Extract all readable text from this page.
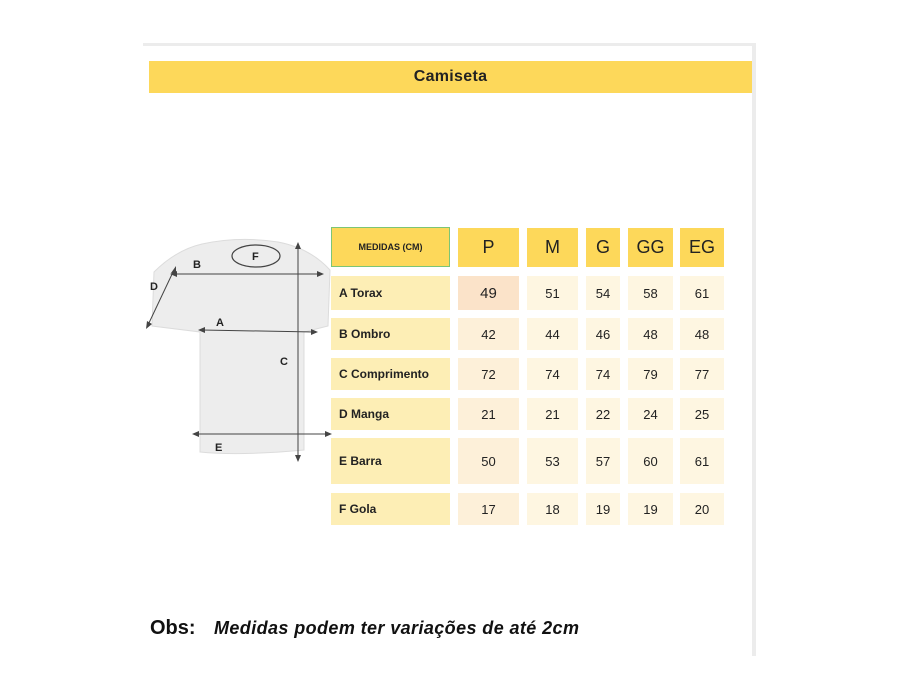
Camiseta
A
B
C
D
E
F
MEDIDAS (CM)	P	M	G	GG	EG
A Torax	49	51	54	58	61
B Ombro	42	44	46	48	48
C Comprimento	72	74	74	79	77
D Manga	21	21	22	24	25
E Barra	50	53	57	60	61
F Gola	17	18	19	19	20
Obs: Medidas podem ter variações de até 2cm
